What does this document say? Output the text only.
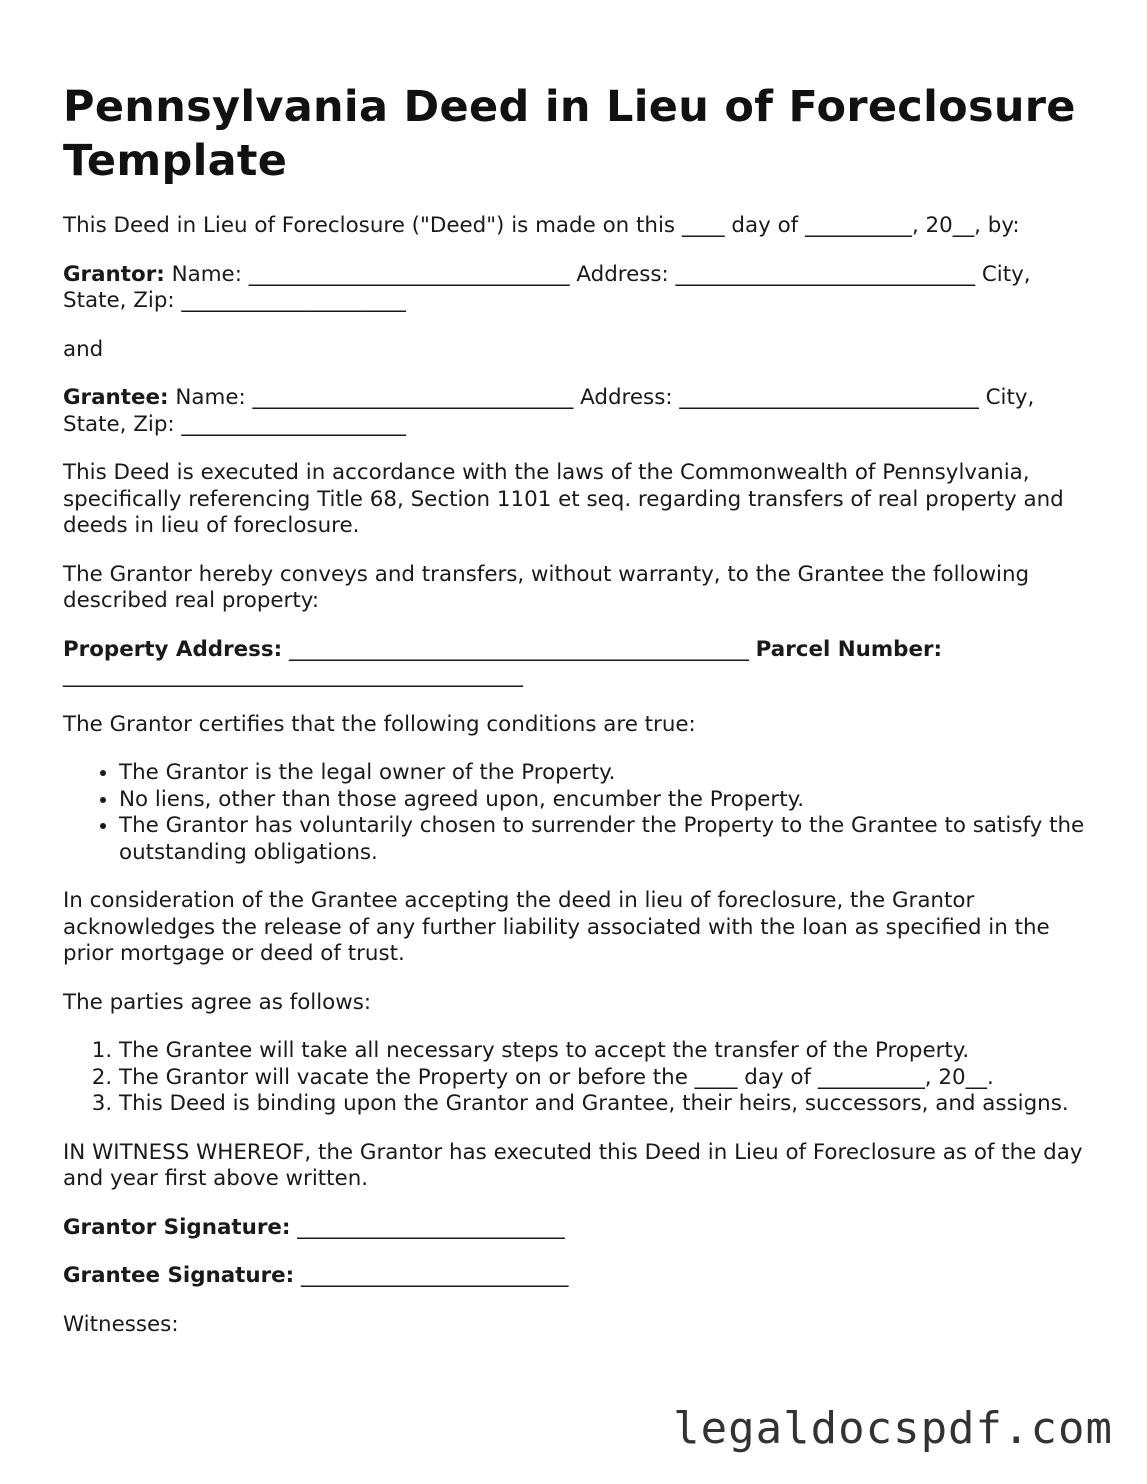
Pennsylvania Deed in Lieu of Foreclosure Template

This Deed in Lieu of Foreclosure ("Deed") is made on this ____ day of __________, 20__, by:

Grantor: Name: ______________________________ Address: ____________________________ City, State, Zip: _____________________

and

Grantee: Name: ______________________________ Address: ____________________________ City, State, Zip: _____________________

This Deed is executed in accordance with the laws of the Commonwealth of Pennsylvania, specifically referencing Title 68, Section 1101 et seq. regarding transfers of real property and deeds in lieu of foreclosure.

The Grantor hereby conveys and transfers, without warranty, to the Grantee the following described real property:

Property Address: ___________________________________________ Parcel Number: ___________________________________________

The Grantor certifies that the following conditions are true:

• The Grantor is the legal owner of the Property.
• No liens, other than those agreed upon, encumber the Property.
• The Grantor has voluntarily chosen to surrender the Property to the Grantee to satisfy the outstanding obligations.

In consideration of the Grantee accepting the deed in lieu of foreclosure, the Grantor acknowledges the release of any further liability associated with the loan as specified in the prior mortgage or deed of trust.

The parties agree as follows:

1. The Grantee will take all necessary steps to accept the transfer of the Property.
2. The Grantor will vacate the Property on or before the ____ day of __________, 20__.
3. This Deed is binding upon the Grantor and Grantee, their heirs, successors, and assigns.

IN WITNESS WHEREOF, the Grantor has executed this Deed in Lieu of Foreclosure as of the day and year first above written.

Grantor Signature: _________________________

Grantee Signature: _________________________

Witnesses:

legaldocspdf.com
